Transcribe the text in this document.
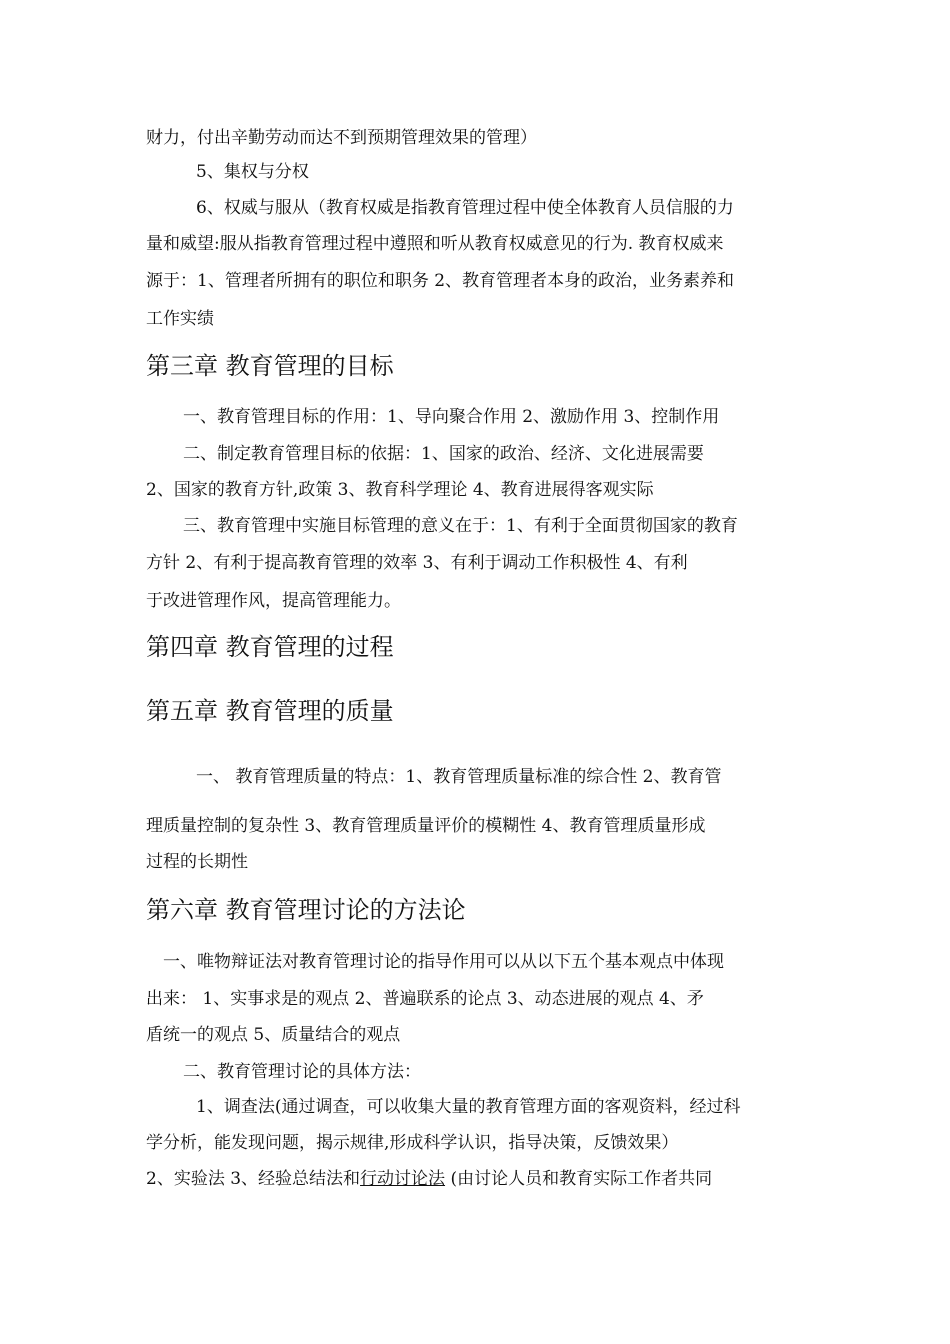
财力，付出辛勤劳动而达不到预期管理效果的管理）
5、集权与分权
6、权威与服从（教育权威是指教育管理过程中使全体教育人员信服的力
量和威望:服从指教育管理过程中遵照和听从教育权威意见的行为. 教育权威来
源于：1、管理者所拥有的职位和职务 2、教育管理者本身的政治，业务素养和
工作实绩
第三章 教育管理的目标
一、教育管理目标的作用：1、导向聚合作用 2、激励作用 3、控制作用
二、制定教育管理目标的依据：1、国家的政治、经济、文化进展需要
2、国家的教育方针,政策 3、教育科学理论 4、教育进展得客观实际
三、教育管理中实施目标管理的意义在于：1、有利于全面贯彻国家的教育
方针 2、有利于提高教育管理的效率 3、有利于调动工作积极性 4、有利
于改进管理作风，提高管理能力。
第四章 教育管理的过程
第五章 教育管理的质量
一、 教育管理质量的特点：1、教育管理质量标准的综合性 2、教育管
理质量控制的复杂性 3、教育管理质量评价的模糊性 4、教育管理质量形成
过程的长期性
第六章 教育管理讨论的方法论
一、唯物辩证法对教育管理讨论的指导作用可以从以下五个基本观点中体现
出来： 1、实事求是的观点 2、普遍联系的论点 3、动态进展的观点 4、矛
盾统一的观点 5、质量结合的观点
二、教育管理讨论的具体方法：
1、调查法(通过调查，可以收集大量的教育管理方面的客观资料，经过科
学分析，能发现问题，揭示规律,形成科学认识，指导决策，反馈效果）
2、实验法 3、经验总结法和行动讨论法 (由讨论人员和教育实际工作者共同
